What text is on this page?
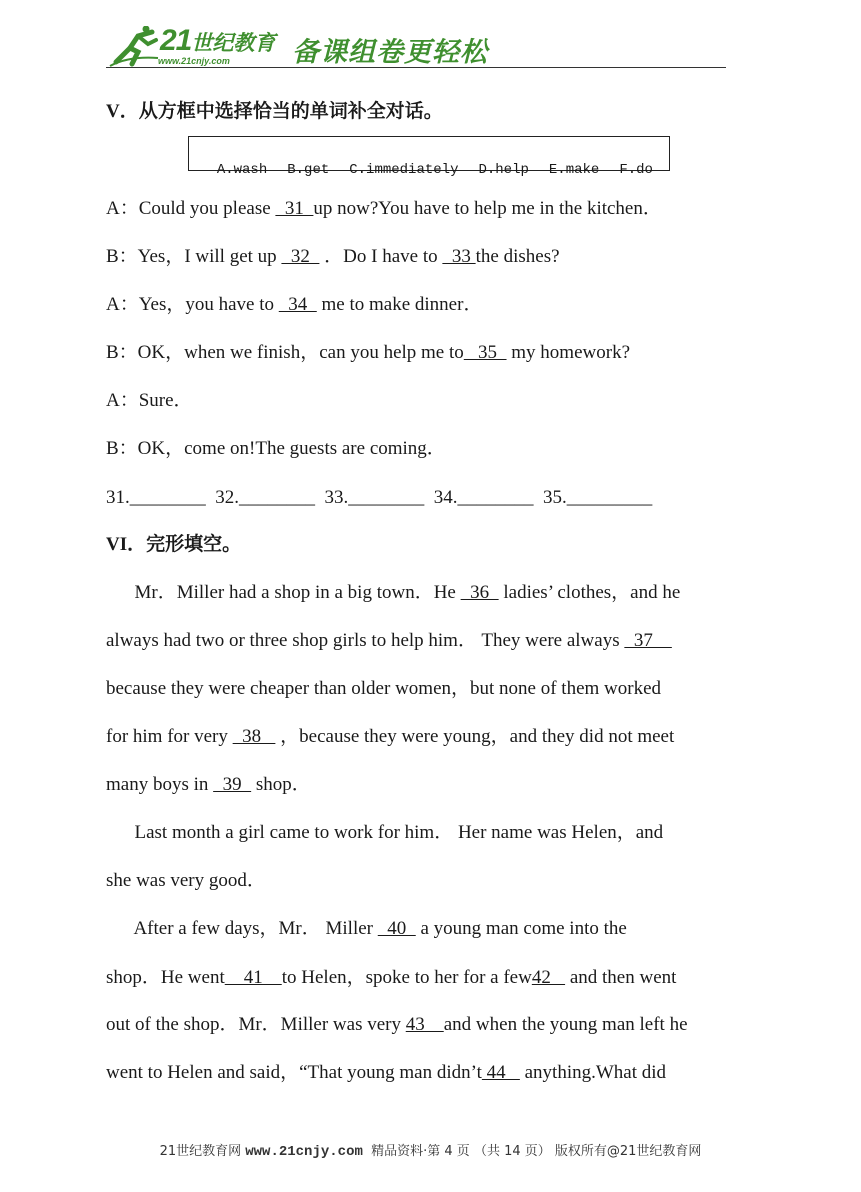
21世纪教育
www.21cnjy.com 备课组卷更轻松
V．从方框中选择恰当的单词补全对话。

A.wash B.get C.immediately D.help E.make F.do

A：Could you please   31  up now?You have to help me in the kitchen．
B：Yes，I will get up   32   ．Do I have to   33 the dishes?
A：Yes，you have to   34   me to make dinner．
B：OK，when we finish，can you help me to   35   my homework?
A：Sure．
B：OK，come on!The guests are coming．
31.________ 32.________ 33.________ 34.________ 35._________
VI．完形填空。
Mr．Miller had a shop in a big town．He   36   ladies’ clothes，and he
always had two or three shop girls to help him． They were always   37
because they were cheaper than older women，but none of them worked
for him for very   38    ，because they were young，and they did not meet
many boys in   39   shop．
Last month a girl came to work for him． Her name was Helen，and
she was very good．
After a few days，Mr． Miller   40   a young man come into the
shop．He went    41    to Helen，spoke to her for a few42    and then went
out of the shop．Mr．Miller was very 43    and when the young man left he
went to Helen and said，“That young man didn’t 44    anything.What did
21世纪教育网 www.21cnjy.com  精品资料·第 4 页 （共 14 页） 版权所有@21世纪教育网
